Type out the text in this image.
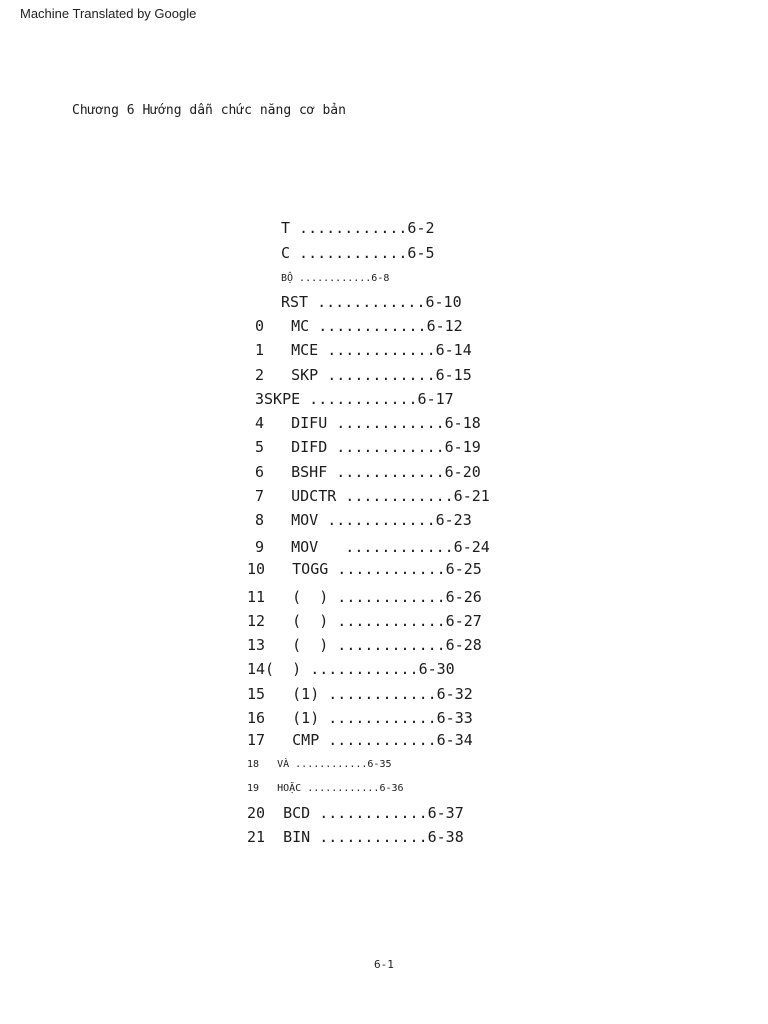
Machine Translated by Google
Chương 6 Hướng dẫn chức năng cơ bản
T ............6-2
C ............6-5
BỘ ............6-8
RST ............6-10
0   MC ............6-12
1   MCE ............6-14
2   SKP ............6-15
3SKPE ............6-17
4   DIFU ............6-18
5   DIFD ............6-19
6   BSHF ............6-20
7   UDCTR ............6-21
8   MOV ............6-23
9   MOV   ............6-24
10   TOGG ............6-25
11   (  ) ............6-26
12   (  ) ............6-27
13   (  ) ............6-28
14(  ) ............6-30
15   (1) ............6-32
16   (1) ............6-33
17   CMP ............6-34
18   VÀ ............6-35
19   HOẶC ............6-36
20  BCD ............6-37
21  BIN ............6-38
6-1
